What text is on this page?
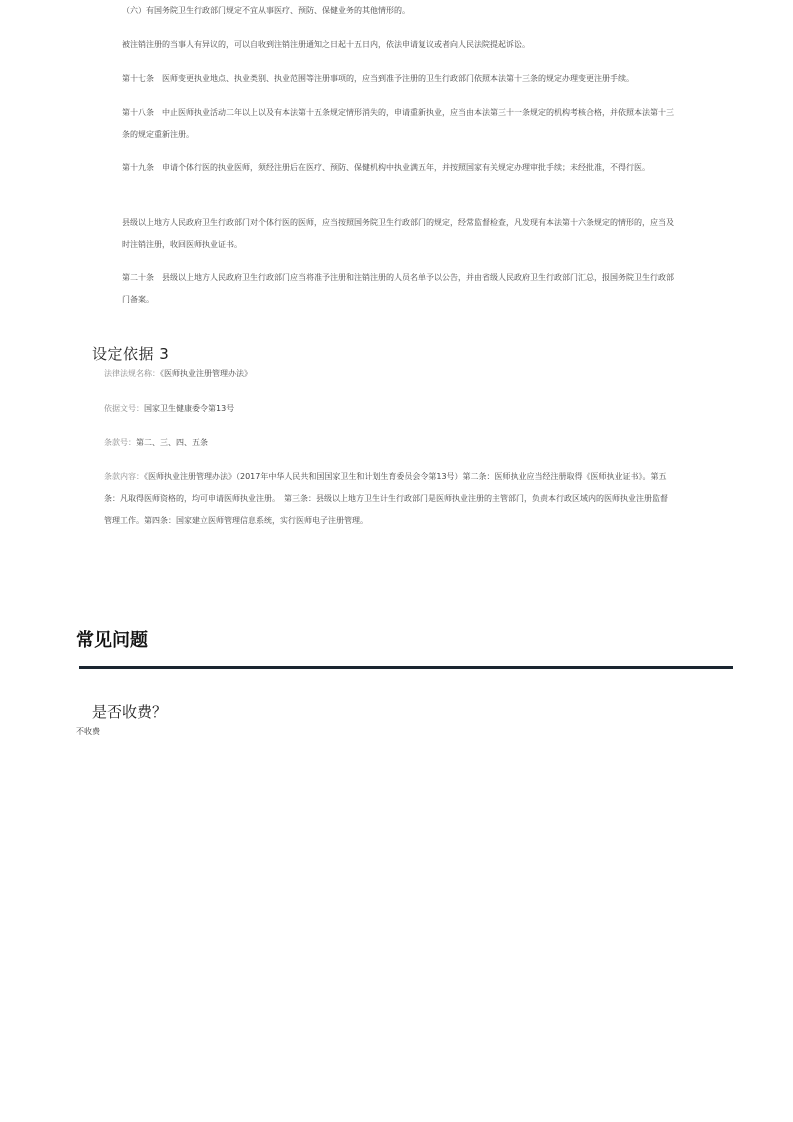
（六）有国务院卫生行政部门规定不宜从事医疗、预防、保健业务的其他情形的。

被注销注册的当事人有异议的，可以自收到注销注册通知之日起十五日内，依法申请复议或者向人民法院提起诉讼。

第十七条　医师变更执业地点、执业类别、执业范围等注册事项的，应当到准予注册的卫生行政部门依照本法第十三条的规定办理变更注册手续。

第十八条　中止医师执业活动二年以上以及有本法第十五条规定情形消失的，申请重新执业，应当由本法第三十一条规定的机构考核合格，并依照本法第十三条的规定重新注册。

第十九条　申请个体行医的执业医师，须经注册后在医疗、预防、保健机构中执业满五年，并按照国家有关规定办理审批手续；未经批准，不得行医。

县级以上地方人民政府卫生行政部门对个体行医的医师，应当按照国务院卫生行政部门的规定，经常监督检查，凡发现有本法第十六条规定的情形的，应当及时注销注册，收回医师执业证书。

第二十条　县级以上地方人民政府卫生行政部门应当将准予注册和注销注册的人员名单予以公告，并由省级人民政府卫生行政部门汇总，报国务院卫生行政部门备案。

设定依据 3

法律法规名称：《医师执业注册管理办法》

依据文号：国家卫生健康委令第13号

条款号：第二、三、四、五条

条款内容：《医师执业注册管理办法》（2017年中华人民共和国国家卫生和计划生育委员会令第13号）第二条：医师执业应当经注册取得《医师执业证书》。第五条：凡取得医师资格的，均可申请医师执业注册。　第三条：县级以上地方卫生计生行政部门是医师执业注册的主管部门，负责本行政区域内的医师执业注册监督管理工作。第四条：国家建立医师管理信息系统，实行医师电子注册管理。

常见问题
是否收费？

不收费
